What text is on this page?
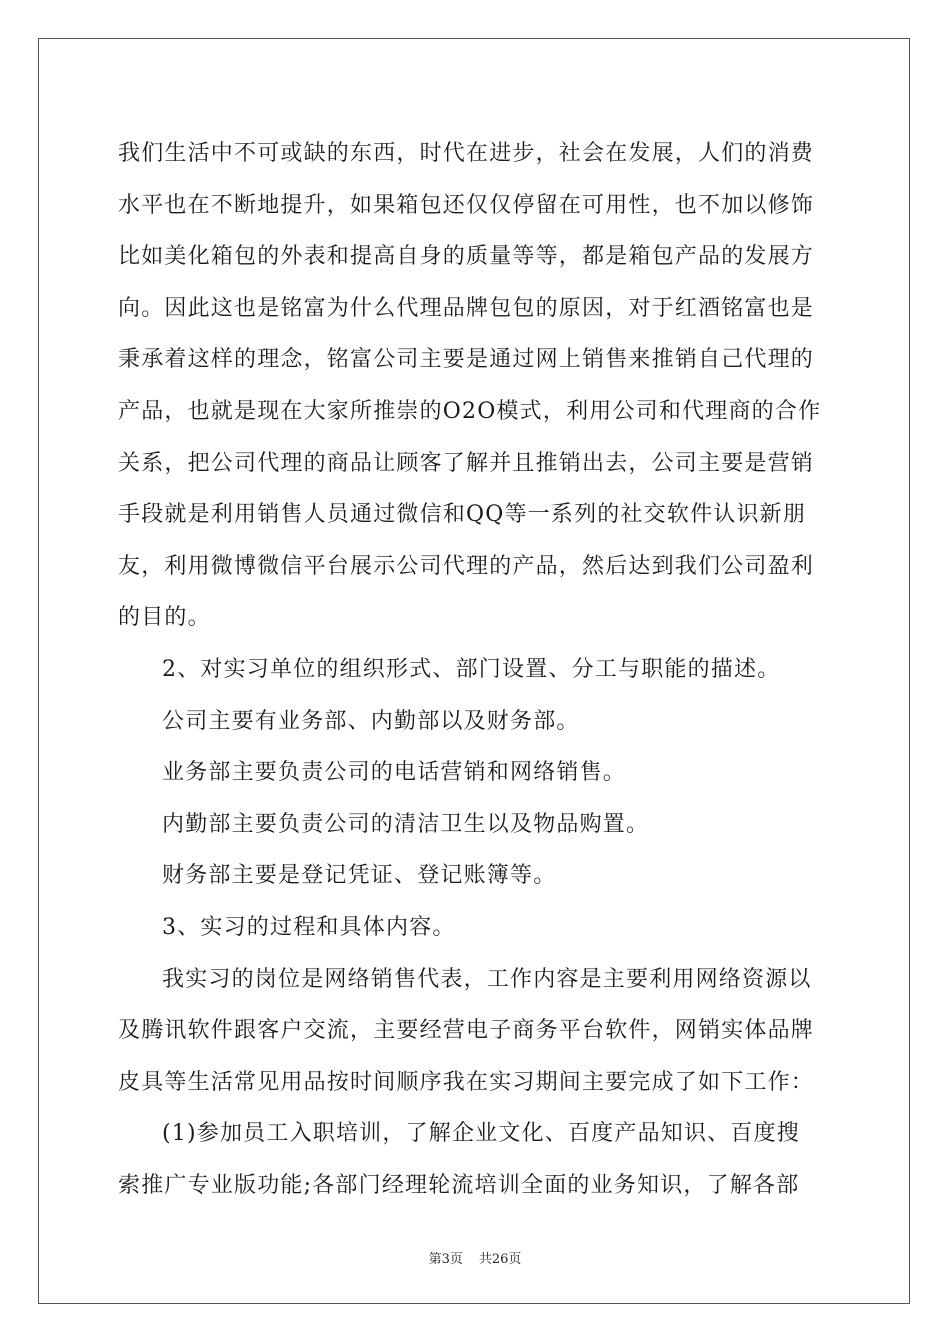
我们生活中不可或缺的东西，时代在进步，社会在发展，人们的消费
水平也在不断地提升，如果箱包还仅仅停留在可用性，也不加以修饰
比如美化箱包的外表和提高自身的质量等等，都是箱包产品的发展方
向。因此这也是铭富为什么代理品牌包包的原因，对于红酒铭富也是
秉承着这样的理念，铭富公司主要是通过网上销售来推销自己代理的
产品，也就是现在大家所推崇的O2O模式，利用公司和代理商的合作
关系，把公司代理的商品让顾客了解并且推销出去，公司主要是营销
手段就是利用销售人员通过微信和QQ等一系列的社交软件认识新朋
友，利用微博微信平台展示公司代理的产品，然后达到我们公司盈利
的目的。
2、对实习单位的组织形式、部门设置、分工与职能的描述。
公司主要有业务部、内勤部以及财务部。
业务部主要负责公司的电话营销和网络销售。
内勤部主要负责公司的清洁卫生以及物品购置。
财务部主要是登记凭证、登记账簿等。
3、实习的过程和具体内容。
我实习的岗位是网络销售代表，工作内容是主要利用网络资源以
及腾讯软件跟客户交流，主要经营电子商务平台软件，网销实体品牌
皮具等生活常见用品按时间顺序我在实习期间主要完成了如下工作：
(1)参加员工入职培训，了解企业文化、百度产品知识、百度搜
索推广专业版功能;各部门经理轮流培训全面的业务知识，了解各部
第3页 共26页
